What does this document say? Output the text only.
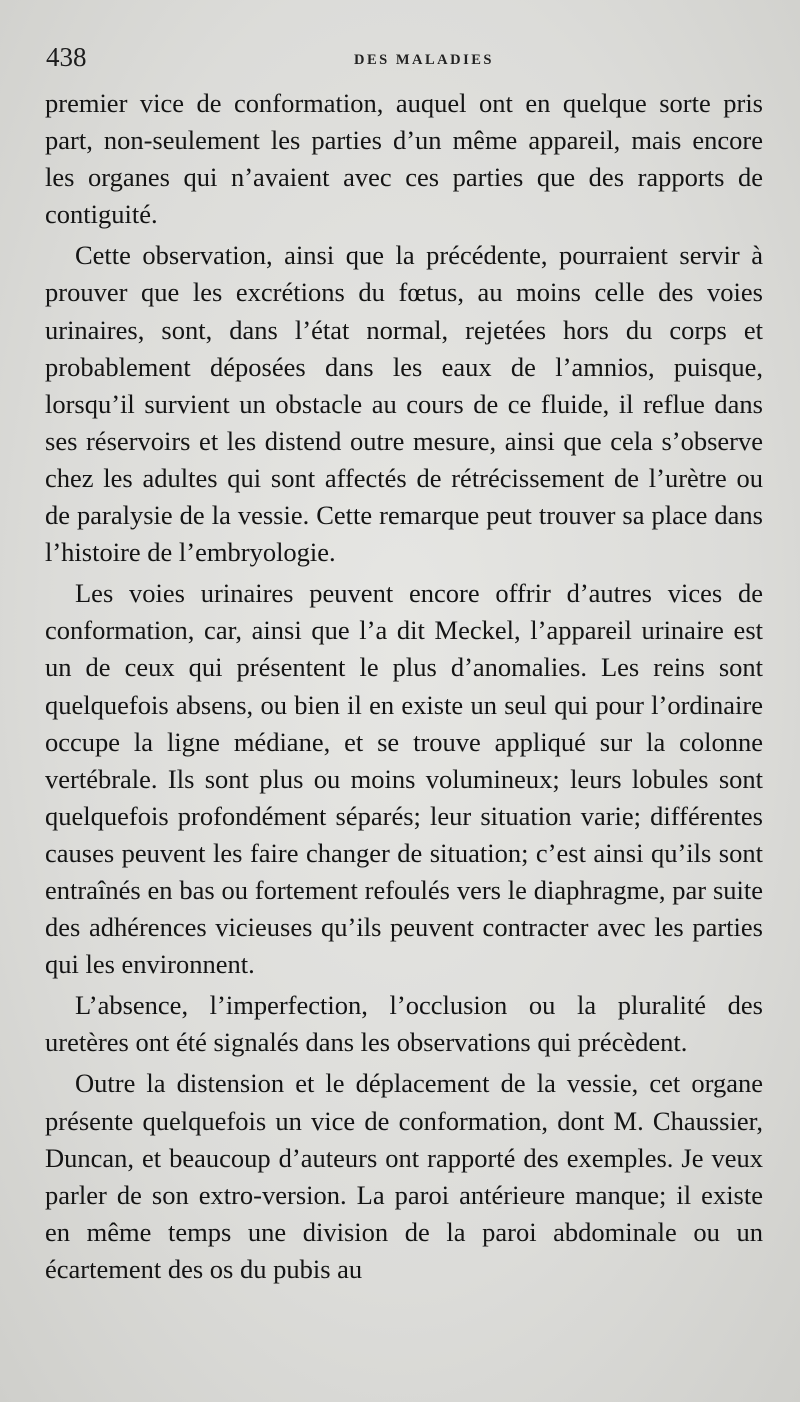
438	DES MALADIES

premier vice de conformation, auquel ont en quelque sorte pris part, non-seulement les parties d’un même appareil, mais encore les organes qui n’avaient avec ces parties que des rapports de contiguité.

Cette observation, ainsi que la précédente, pourraient servir à prouver que les excrétions du fœtus, au moins celle des voies urinaires, sont, dans l’état normal, rejetées hors du corps et probablement déposées dans les eaux de l’amnios, puisque, lorsqu’il survient un obstacle au cours de ce fluide, il reflue dans ses réservoirs et les distend outre mesure, ainsi que cela s’observe chez les adultes qui sont affectés de rétrécissement de l’urètre ou de paralysie de la vessie. Cette remarque peut trouver sa place dans l’histoire de l’embryologie.

Les voies urinaires peuvent encore offrir d’autres vices de conformation, car, ainsi que l’a dit Meckel, l’appareil urinaire est un de ceux qui présentent le plus d’anomalies. Les reins sont quelquefois absens, ou bien il en existe un seul qui pour l’ordinaire occupe la ligne médiane, et se trouve appliqué sur la colonne vertébrale. Ils sont plus ou moins volumineux; leurs lobules sont quelquefois profondément séparés; leur situation varie; différentes causes peuvent les faire changer de situation; c’est ainsi qu’ils sont entraînés en bas ou fortement refoulés vers le diaphragme, par suite des adhérences vicieuses qu’ils peuvent contracter avec les parties qui les environnent.

L’absence, l’imperfection, l’occlusion ou la pluralité des uretères ont été signalés dans les observations qui précèdent.

Outre la distension et le déplacement de la vessie, cet organe présente quelquefois un vice de conformation, dont M. Chaussier, Duncan, et beaucoup d’auteurs ont rapporté des exemples. Je veux parler de son extro-version. La paroi antérieure manque; il existe en même temps une division de la paroi abdominale ou un écartement des os du pubis au
